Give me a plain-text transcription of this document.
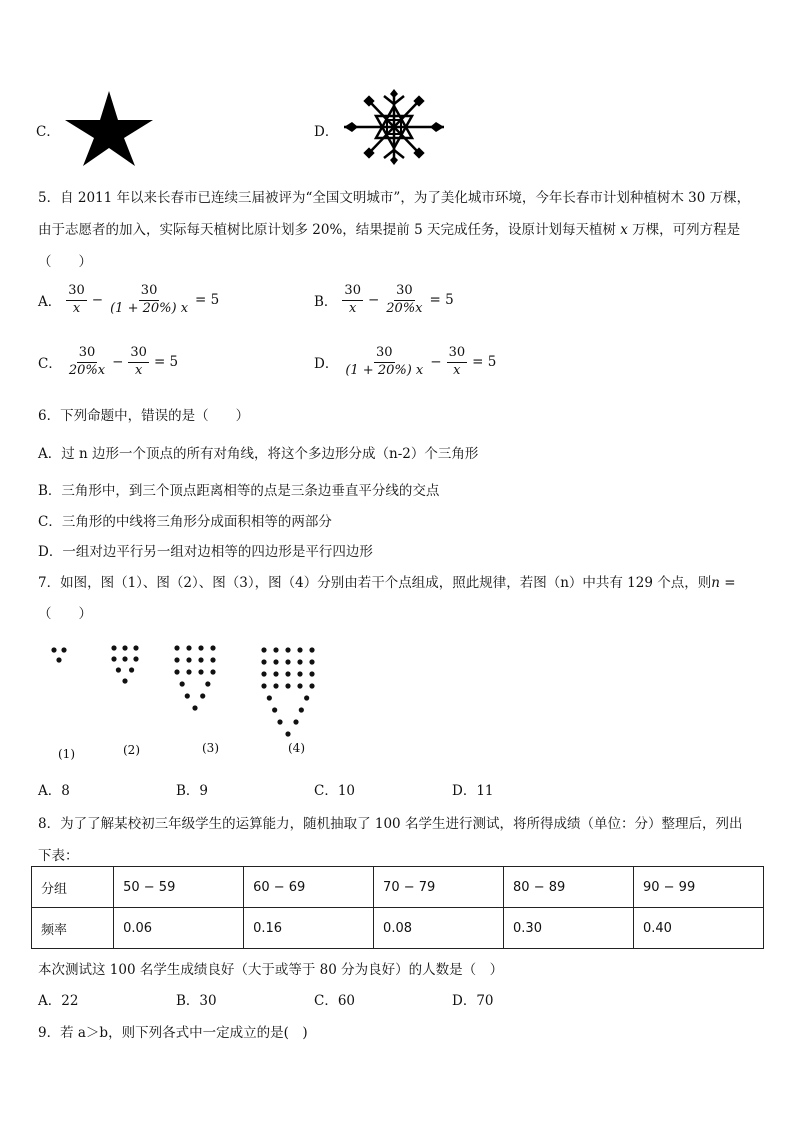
C．	D．
5．自 2011 年以来长春市已连续三届被评为“全国文明城市”，为了美化城市环境，今年长春市计划种植树木 30 万棵，
由于志愿者的加入，实际每天植树比原计划多 20%，结果提前 5 天完成任务，设原计划每天植树 x 万棵，可列方程是
（　　）
A． $\frac{30}{x} - \frac{30}{(1 + 20\%) x} = 5$	B． $\frac{30}{x} - \frac{30}{20\%x} = 5$
C． $\frac{30}{20\%x} - \frac{30}{x} = 5$	D． $\frac{30}{(1 + 20\%) x} - \frac{30}{x} = 5$
6．下列命题中，错误的是（　　）
A．过 n 边形一个顶点的所有对角线，将这个多边形分成（n-2）个三角形
B．三角形中，到三个顶点距离相等的点是三条边垂直平分线的交点
C．三角形的中线将三角形分成面积相等的两部分
D．一组对边平行另一组对边相等的四边形是平行四边形
7．如图，图（1）、图（2）、图（3），图（4）分别由若干个点组成，照此规律，若图（n）中共有 129 个点，则n =
（　　）
(1)	(2)	(3)	(4)
A．8	B．9	C．10	D．11
8．为了了解某校初三年级学生的运算能力，随机抽取了 100 名学生进行测试，将所得成绩（单位：分）整理后，列出
下表：
分组	50 − 59	60 − 69	70 − 79	80 − 89	90 − 99
频率	0.06	0.16	0.08	0.30	0.40
本次测试这 100 名学生成绩良好（大于或等于 80 分为良好）的人数是（　）
A．22	B．30	C．60	D．70
9．若 a＞b，则下列各式中一定成立的是(　)
